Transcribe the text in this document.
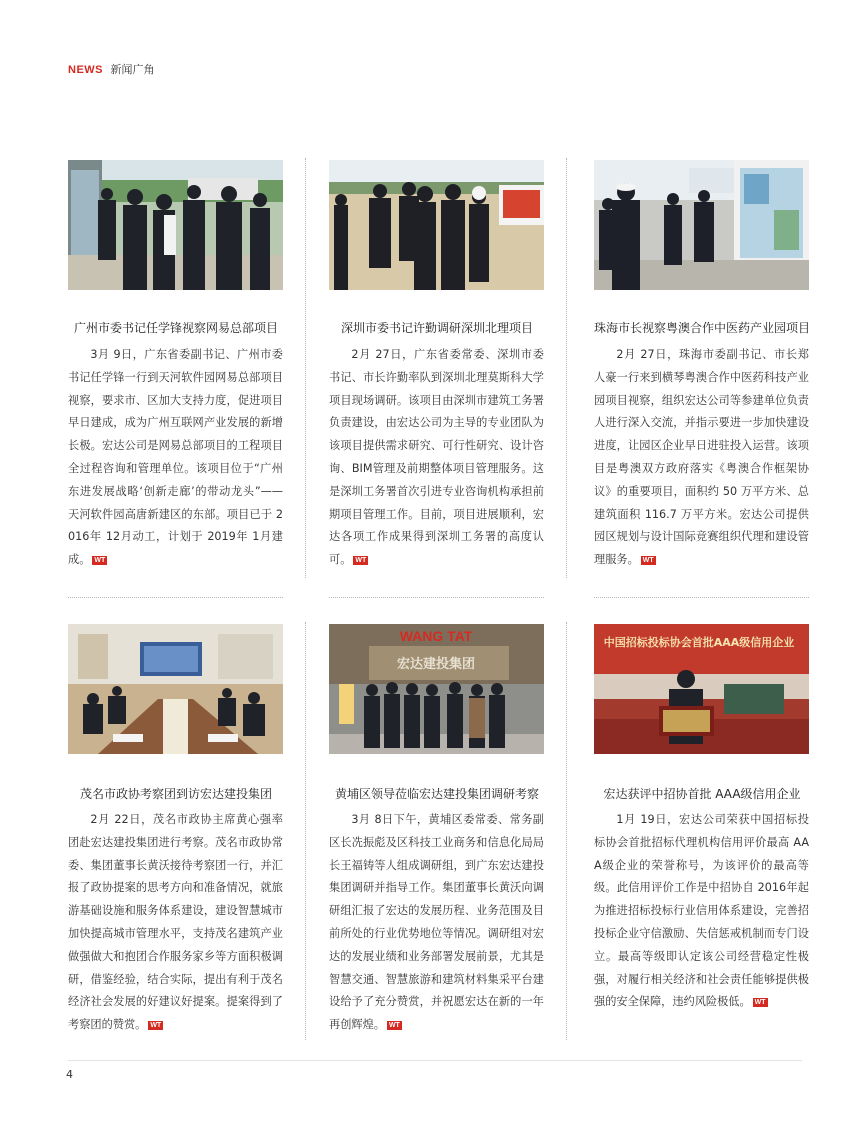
NEWS 新闻广角
广州市委书记任学锋视察网易总部项目

3月 9日，广东省委副书记、广州市委书记任学锋一行到天河软件园网易总部项目视察，要求市、区加大支持力度，促进项目早日建成，成为广州互联网产业发展的新增长极。宏达公司是网易总部项目的工程项目全过程咨询和管理单位。该项目位于“广州东进发展战略‘创新走廊’的带动龙头”—— 天河软件园高唐新建区的东部。项目已于 2016年 12月动工，计划于 2019年 1月建成。 WT

深圳市委书记许勤调研深圳北理项目

2月 27日，广东省委常委、深圳市委书记、市长许勤率队到深圳北理莫斯科大学项目现场调研。该项目由深圳市建筑工务署负责建设，由宏达公司为主导的专业团队为该项目提供需求研究、可行性研究、设计咨询、BIM管理及前期整体项目管理服务。这是深圳工务署首次引进专业咨询机构承担前期项目管理工作。目前，项目进展顺利，宏达各项工作成果得到深圳工务署的高度认可。 WT

珠海市长视察粤澳合作中医药产业园项目

2月 27日，珠海市委副书记、市长郑人豪一行来到横琴粤澳合作中医药科技产业园项目视察，组织宏达公司等参建单位负责人进行深入交流，并指示要进一步加快建设进度，让园区企业早日进驻投入运营。该项目是粤澳双方政府落实《粤澳合作框架协议》的重要项目，面积约 50 万平方米、总建筑面积 116.7 万平方米。宏达公司提供园区规划与设计国际竞赛组织代理和建设管理服务。 WT

茂名市政协考察团到访宏达建投集团

2月 22日，茂名市政协主席黄心强率团赴宏达建投集团进行考察。茂名市政协常委、集团董事长黄沃接待考察团一行，并汇报了政协提案的思考方向和准备情况，就旅游基础设施和服务体系建设，建设智慧城市加快提高城市管理水平，支持茂名建筑产业做强做大和抱团合作服务家乡等方面积极调研，借鉴经验，结合实际，提出有利于茂名经济社会发展的好建议好提案。提案得到了考察团的赞赏。 WT

WANG TAT
宏达建投集团
黄埔区领导莅临宏达建投集团调研考察

3月 8日下午，黄埔区委常委、常务副区长冼振彪及区科技工业商务和信息化局局长王福铸等人组成调研组，到广东宏达建投集团调研并指导工作。集团董事长黄沃向调研组汇报了宏达的发展历程、业务范围及目前所处的行业优势地位等情况。调研组对宏达的发展业绩和业务部署发展前景，尤其是智慧交通、智慧旅游和建筑材料集采平台建设给予了充分赞赏，并祝愿宏达在新的一年再创辉煌。 WT

中国招标投标协会首批AAA级信用企业
宏达获评中招协首批 AAA级信用企业

1月 19日，宏达公司荣获中国招标投标协会首批招标代理机构信用评价最高 AAA级企业的荣誉称号，为该评价的最高等级。此信用评价工作是中招协自 2016年起为推进招标投标行业信用体系建设，完善招投标企业守信激励、失信惩戒机制而专门设立。最高等级即认定该公司经营稳定性极强，对履行相关经济和社会责任能够提供极强的安全保障，违约风险极低。 WT

4
